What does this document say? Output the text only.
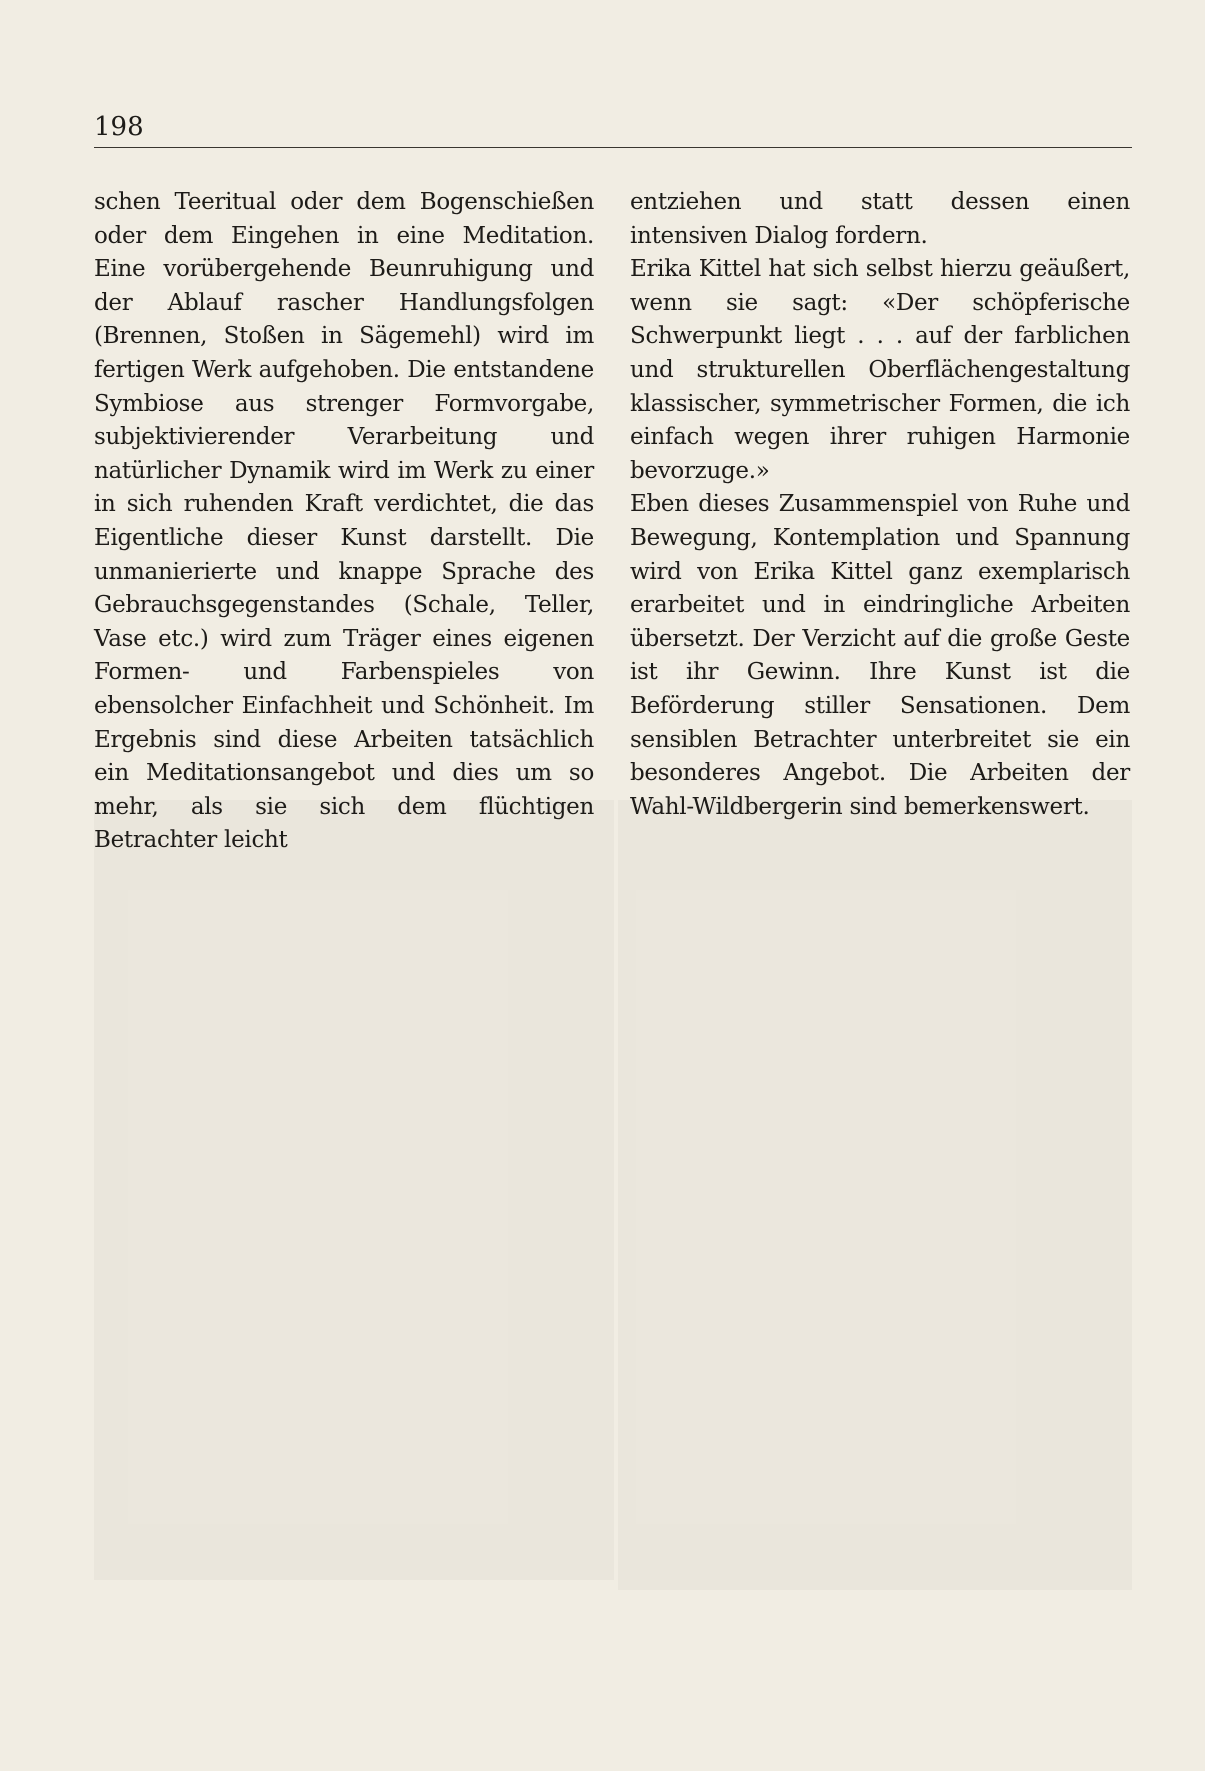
198

schen Teeritual oder dem Bogenschießen oder dem Eingehen in eine Meditation. Eine vorübergehende Beunruhigung und der Ablauf rascher Handlungsfolgen (Brennen, Stoßen in Sägemehl) wird im fertigen Werk aufgehoben. Die entstandene Symbiose aus strenger Formvorgabe, subjektivierender Verarbeitung und natürlicher Dynamik wird im Werk zu einer in sich ruhenden Kraft verdichtet, die das Eigentliche dieser Kunst darstellt. Die unmanierierte und knappe Sprache des Gebrauchsgegenstandes (Schale, Teller, Vase etc.) wird zum Träger eines eigenen Formen- und Farbenspieles von ebensolcher Einfachheit und Schönheit. Im Ergebnis sind diese Arbeiten tatsächlich ein Meditationsangebot und dies um so mehr, als sie sich dem flüchtigen Betrachter leicht

entziehen und statt dessen einen intensiven Dialog fordern.

Erika Kittel hat sich selbst hierzu geäußert, wenn sie sagt: «Der schöpferische Schwerpunkt liegt . . . auf der farblichen und strukturellen Oberflächengestaltung klassischer, symmetrischer Formen, die ich einfach wegen ihrer ruhigen Harmonie bevorzuge.»

Eben dieses Zusammenspiel von Ruhe und Bewegung, Kontemplation und Spannung wird von Erika Kittel ganz exemplarisch erarbeitet und in eindringliche Arbeiten übersetzt. Der Verzicht auf die große Geste ist ihr Gewinn. Ihre Kunst ist die Beförderung stiller Sensationen. Dem sensiblen Betrachter unterbreitet sie ein besonderes Angebot. Die Arbeiten der Wahl-Wildbergerin sind bemerkenswert.
